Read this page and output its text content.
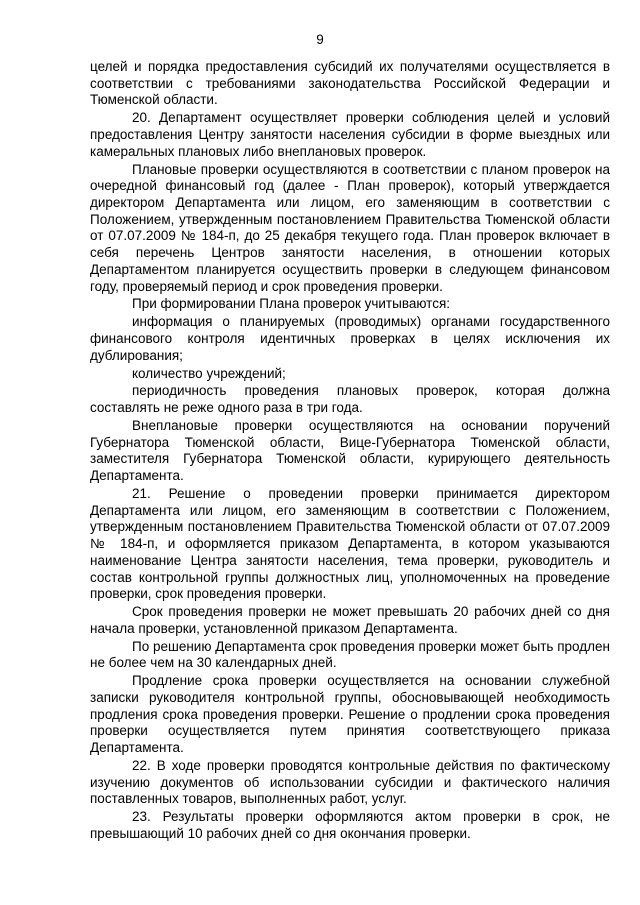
9

целей и порядка предоставления субсидий их получателями осуществляется в соответствии с требованиями законодательства Российской Федерации и Тюменской области.

20. Департамент осуществляет проверки соблюдения целей и условий предоставления Центру занятости населения субсидии в форме выездных или камеральных плановых либо внеплановых проверок.

Плановые проверки осуществляются в соответствии с планом проверок на очередной финансовый год (далее - План проверок), который утверждается директором Департамента или лицом, его заменяющим в соответствии с Положением, утвержденным постановлением Правительства Тюменской области от 07.07.2009 № 184-п, до 25 декабря текущего года. План проверок включает в себя перечень Центров занятости населения, в отношении которых Департаментом планируется осуществить проверки в следующем финансовом году, проверяемый период и срок проведения проверки.

При формировании Плана проверок учитываются:

информация о планируемых (проводимых) органами государственного финансового контроля идентичных проверках в целях исключения их дублирования;

количество учреждений;

периодичность проведения плановых проверок, которая должна составлять не реже одного раза в три года.

Внеплановые проверки осуществляются на основании поручений Губернатора Тюменской области, Вице-Губернатора Тюменской области, заместителя Губернатора Тюменской области, курирующего деятельность Департамента.

21. Решение о проведении проверки принимается директором Департамента или лицом, его заменяющим в соответствии с Положением, утвержденным постановлением Правительства Тюменской области от 07.07.2009 № 184-п, и оформляется приказом Департамента, в котором указываются наименование Центра занятости населения, тема проверки, руководитель и состав контрольной группы должностных лиц, уполномоченных на проведение проверки, срок проведения проверки.

Срок проведения проверки не может превышать 20 рабочих дней со дня начала проверки, установленной приказом Департамента.

По решению Департамента срок проведения проверки может быть продлен не более чем на 30 календарных дней.

Продление срока проверки осуществляется на основании служебной записки руководителя контрольной группы, обосновывающей необходимость продления срока проведения проверки. Решение о продлении срока проведения проверки осуществляется путем принятия соответствующего приказа Департамента.

22. В ходе проверки проводятся контрольные действия по фактическому изучению документов об использовании субсидии и фактического наличия поставленных товаров, выполненных работ, услуг.

23. Результаты проверки оформляются актом проверки в срок, не превышающий 10 рабочих дней со дня окончания проверки.
